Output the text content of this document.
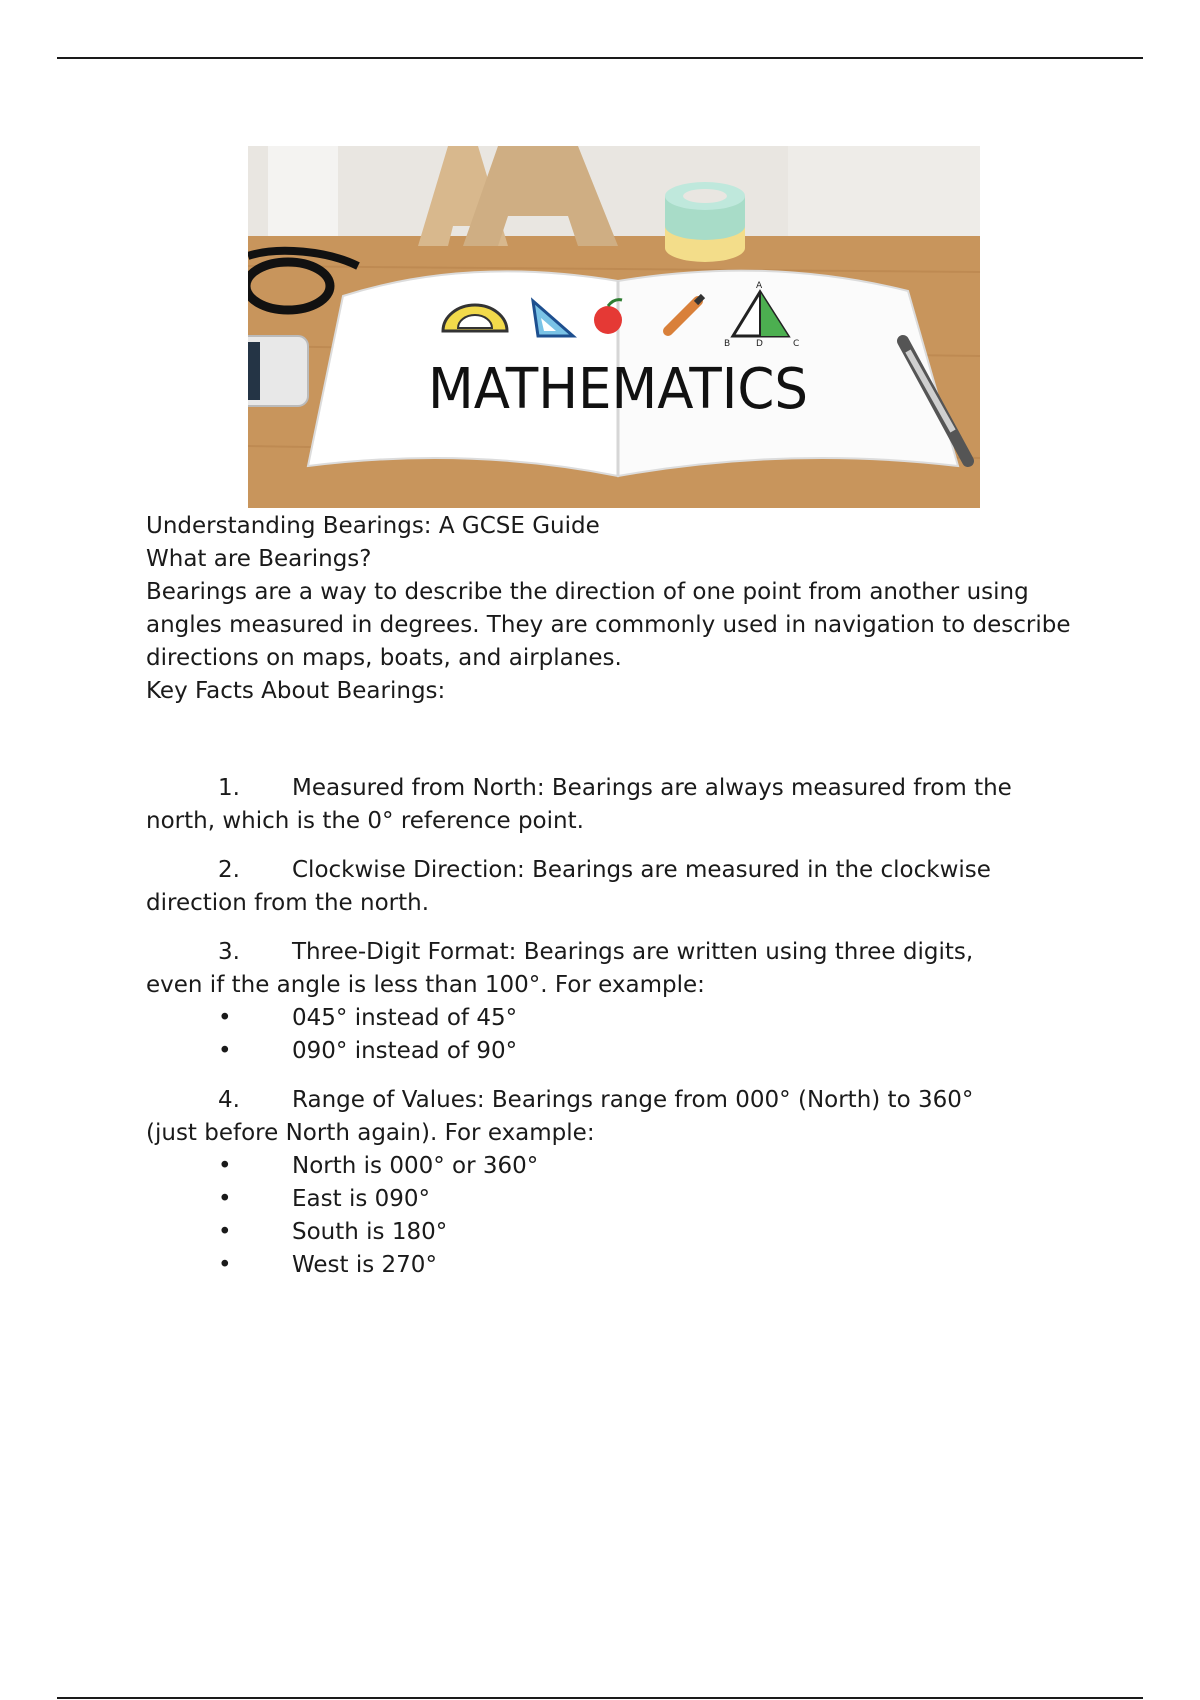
A
B	D	C
MATHEMATICS

Understanding Bearings: A GCSE Guide

What are Bearings?

Bearings are a way to describe the direction of one point from another using angles measured in degrees. They are commonly used in navigation to describe directions on maps, boats, and airplanes.

Key Facts About Bearings:

1. Measured from North: Bearings are always measured from the

north, which is the 0° reference point.

2. Clockwise Direction: Bearings are measured in the clockwise

direction from the north.

3. Three-Digit Format: Bearings are written using three digits,

even if the angle is less than 100°. For example:

•	045° instead of 45°

•	090° instead of 90°

4. Range of Values: Bearings range from 000° (North) to 360°

(just before North again). For example:

•	North is 000° or 360°

•	East is 090°

•	South is 180°

•	West is 270°
